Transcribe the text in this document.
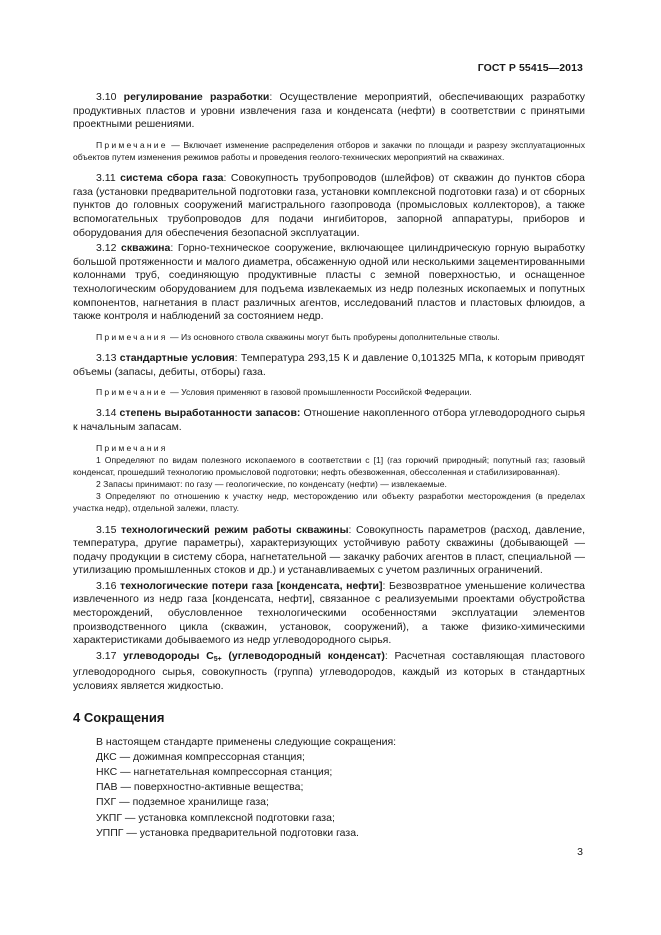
ГОСТ Р 55415—2013

3.10 регулирование разработки: Осуществление мероприятий, обеспечивающих разработку продуктивных пластов и уровни извлечения газа и конденсата (нефти) в соответствии с принятыми проектными решениями.

Примечание — Включает изменение распределения отборов и закачки по площади и разрезу эксплуатационных объектов путем изменения режимов работы и проведения геолого-технических мероприятий на скважинах.

3.11 система сбора газа: Совокупность трубопроводов (шлейфов) от скважин до пунктов сбора газа (установки предварительной подготовки газа, установки комплексной подготовки газа) и от сборных пунктов до головных сооружений магистрального газопровода (промысловых коллекторов), а также вспомогательных трубопроводов для подачи ингибиторов, запорной аппаратуры, приборов и оборудования для обеспечения безопасной эксплуатации.

3.12 скважина: Горно-техническое сооружение, включающее цилиндрическую горную выработку большой протяженности и малого диаметра, обсаженную одной или несколькими зацементированными колоннами труб, соединяющую продуктивные пласты с земной поверхностью, и оснащенное технологическим оборудованием для подъема извлекаемых из недр полезных ископаемых и попутных компонентов, нагнетания в пласт различных агентов, исследований пластов и пластовых флюидов, а также контроля и наблюдений за состоянием недр.

Примечания — Из основного ствола скважины могут быть пробурены дополнительные стволы.

3.13 стандартные условия: Температура 293,15 К и давление 0,101325 МПа, к которым приводят объемы (запасы, дебиты, отборы) газа.

Примечание — Условия применяют в газовой промышленности Российской Федерации.

3.14 степень выработанности запасов: Отношение накопленного отбора углеводородного сырья к начальным запасам.

Примечания

1 Определяют по видам полезного ископаемого в соответствии с [1] (газ горючий природный; попутный газ; газовый конденсат, прошедший технологию промысловой подготовки; нефть обезвоженная, обессоленная и стабилизированная).

2 Запасы принимают: по газу — геологические, по конденсату (нефти) — извлекаемые.

3 Определяют по отношению к участку недр, месторождению или объекту разработки месторождения (в пределах участка недр), отдельной залежи, пласту.

3.15 технологический режим работы скважины: Совокупность параметров (расход, давление, температура, другие параметры), характеризующих устойчивую работу скважины (добывающей — подачу продукции в систему сбора, нагнетательной — закачку рабочих агентов в пласт, специальной — утилизацию промышленных стоков и др.) и устанавливаемых с учетом различных ограничений.

3.16 технологические потери газа [конденсата, нефти]: Безвозвратное уменьшение количества извлеченного из недр газа [конденсата, нефти], связанное с реализуемыми проектами обустройства месторождений, обусловленное технологическими особенностями эксплуатации элементов производственного цикла (скважин, установок, сооружений), а также физико-химическими характеристиками добываемого из недр углеводородного сырья.

3.17 углеводороды $С_{5+}$ (углеводородный конденсат): Расчетная составляющая пластового углеводородного сырья, совокупность (группа) углеводородов, каждый из которых в стандартных условиях является жидкостью.

4 Сокращения

В настоящем стандарте применены следующие сокращения:

ДКС — дожимная компрессорная станция;

НКС — нагнетательная компрессорная станция;

ПАВ — поверхностно-активные вещества;

ПХГ — подземное хранилище газа;

УКПГ — установка комплексной подготовки газа;

УППГ — установка предварительной подготовки газа.

3
